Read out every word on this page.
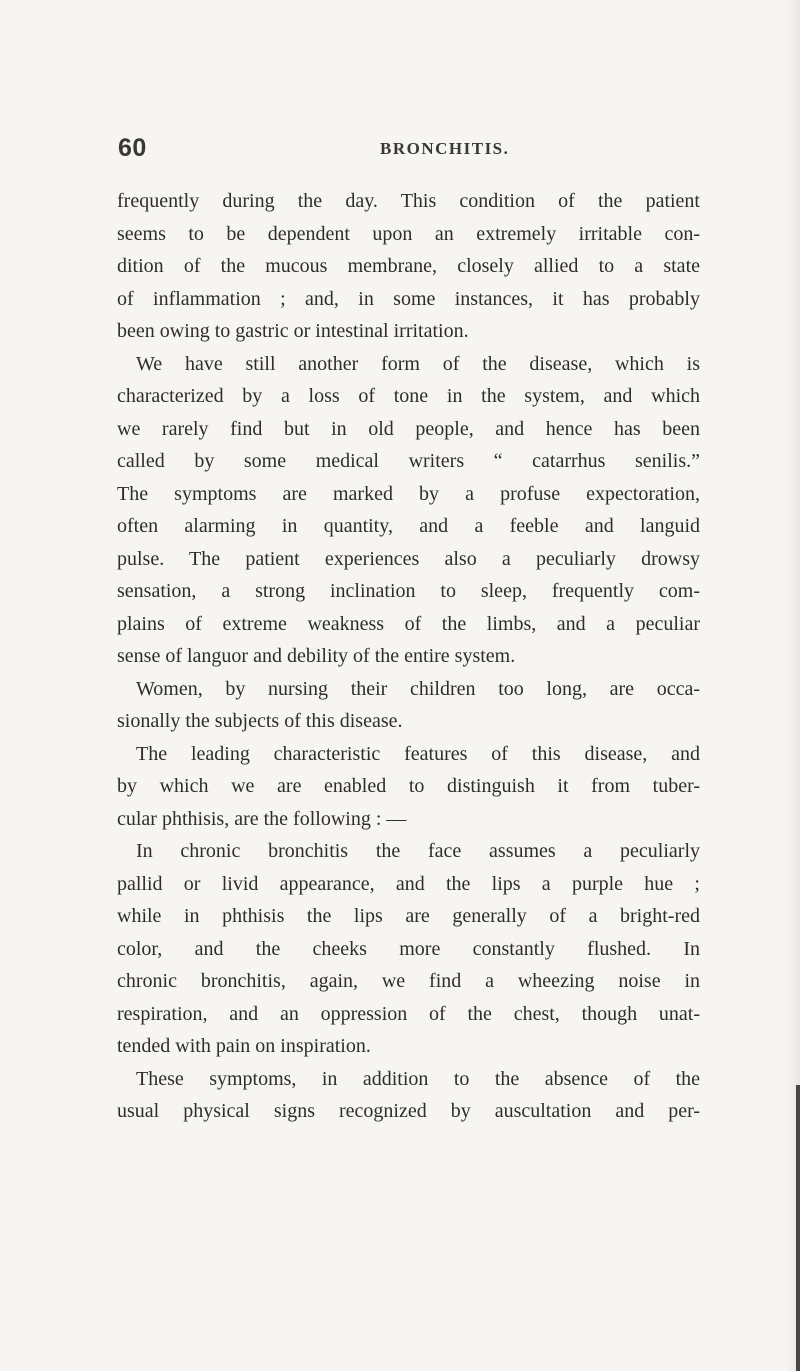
60	BRONCHITIS.
frequently during the day. This condition of the patient
seems to be dependent upon an extremely irritable con-
dition of the mucous membrane, closely allied to a state
of inflammation ; and, in some instances, it has probably
been owing to gastric or intestinal irritation.
We have still another form of the disease, which is
characterized by a loss of tone in the system, and which
we rarely find but in old people, and hence has been
called by some medical writers “ catarrhus senilis.”
The symptoms are marked by a profuse expectoration,
often alarming in quantity, and a feeble and languid
pulse. The patient experiences also a peculiarly drowsy
sensation, a strong inclination to sleep, frequently com-
plains of extreme weakness of the limbs, and a peculiar
sense of languor and debility of the entire system.
Women, by nursing their children too long, are occa-
sionally the subjects of this disease.
The leading characteristic features of this disease, and
by which we are enabled to distinguish it from tuber-
cular phthisis, are the following : —
In chronic bronchitis the face assumes a peculiarly
pallid or livid appearance, and the lips a purple hue ;
while in phthisis the lips are generally of a bright-red
color, and the cheeks more constantly flushed. In
chronic bronchitis, again, we find a wheezing noise in
respiration, and an oppression of the chest, though unat-
tended with pain on inspiration.
These symptoms, in addition to the absence of the
usual physical signs recognized by auscultation and per-
